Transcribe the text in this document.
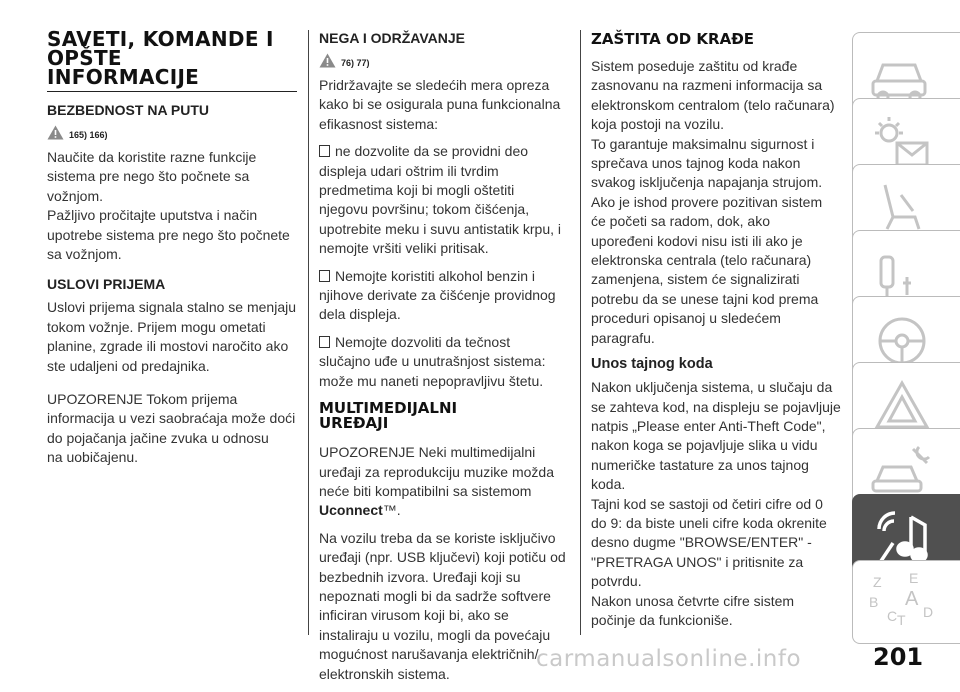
SAVETI, KOMANDE I
OPŠTE
INFORMACIJE
BEZBEDNOST NA PUTU
165) 166)

Naučite da koristite razne funkcije
sistema pre nego što počnete sa
vožnjom.
Pažljivo pročitajte uputstva i način
upotrebe sistema pre nego što počnete
sa vožnjom.

USLOVI PRIJEMA

Uslovi prijema signala stalno se menjaju
tokom vožnje. Prijem mogu ometati
planine, zgrade ili mostovi naročito ako
ste udaljeni od predajnika.

UPOZORENJE Tokom prijema
informacija u vezi saobraćaja može doći
do pojačanja jačine zvuka u odnosu
na uobičajenu.

NEGA I ODRŽAVANJE
76) 77)

Pridržavajte se sledećih mera opreza
kako bi se osigurala puna funkcionalna
efikasnost sistema:

ne dozvolite da se providni deo
displeja udari oštrim ili tvrdim
predmetima koji bi mogli oštetiti
njegovu površinu; tokom čišćenja,
upotrebite meku i suvu antistatik krpu, i
nemojte vršiti veliki pritisak.

Nemojte koristiti alkohol benzin i
njihove derivate za čišćenje providnog
dela displeja.

Nemojte dozvoliti da tečnost
slučajno uđe u unutrašnjost sistema:
može mu naneti nepopravljivu štetu.

MULTIMEDIJALNI
UREĐAJI

UPOZORENJE Neki multimedijalni
uređaji za reprodukciju muzike možda
neće biti kompatibilni sa sistemom
Uconnect™.

Na vozilu treba da se koriste isključivo
uređaji (npr. USB ključevi) koji potiču od
bezbednih izvora. Uređaji koji su
nepoznati mogli bi da sadrže softvere
inficiran virusom koji bi, ako se
instaliraju u vozilu, mogli da povećaju
mogućnost narušavanja električnih/
elektronskih sistema.

ZAŠTITA OD KRAĐE

Sistem poseduje zaštitu od krađe
zasnovanu na razmeni informacija sa
elektronskom centralom (telo računara)
koja postoji na vozilu.
To garantuje maksimalnu sigurnost i
sprečava unos tajnog koda nakon
svakog isključenja napajanja strujom.
Ako je ishod provere pozitivan sistem
će početi sa radom, dok, ako
upoređeni kodovi nisu isti ili ako je
elektronska centrala (telo računara)
zamenjena, sistem će signalizirati
potrebu da se unese tajni kod prema
proceduri opisanoj u sledećem
paragrafu.

Unos tajnog koda

Nakon uključenja sistema, u slučaju da
se zahteva kod, na displeju se pojavljuje
natpis „Please enter Anti-Theft Code",
nakon koga se pojavljuje slika u vidu
numeričke tastature za unos tajnog
koda.
Tajni kod se sastoji od četiri cifre od 0
do 9: da biste uneli cifre koda okrenite
desno dugme "BROWSE/ENTER" -
"PRETRAGA UNOS" i pritisnite za
potvrdu.
Nakon unosa četvrte cifre sistem
počinje da funkcioniše.

Z E
B A
C T D
carmanualsonline.info	201
